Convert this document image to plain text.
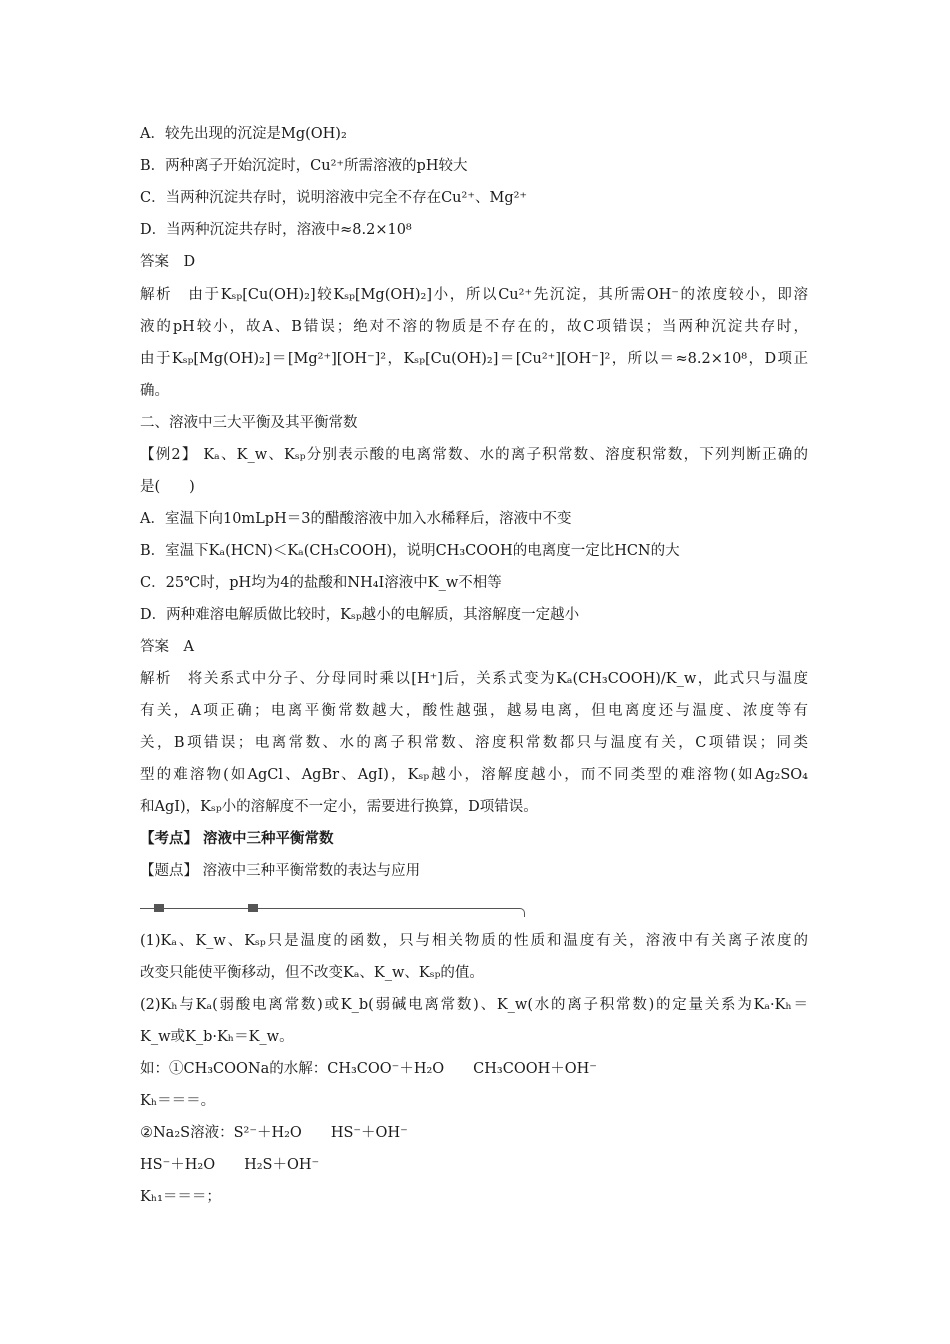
A．较先出现的沉淀是Mg(OH)₂
B．两种离子开始沉淀时，Cu²⁺所需溶液的pH较大
C．当两种沉淀共存时，说明溶液中完全不存在Cu²⁺、Mg²⁺
D．当两种沉淀共存时，溶液中≈8.2×10⁸
答案　D
解析　由于Kₛₚ[Cu(OH)₂]较Kₛₚ[Mg(OH)₂]小，所以Cu²⁺先沉淀，其所需OH⁻的浓度较小，即溶
液的pH较小，故A、B错误；绝对不溶的物质是不存在的，故C项错误；当两种沉淀共存时，
由于Kₛₚ[Mg(OH)₂]＝[Mg²⁺][OH⁻]²，Kₛₚ[Cu(OH)₂]＝[Cu²⁺][OH⁻]²，所以＝≈8.2×10⁸，D项正
确。
二、溶液中三大平衡及其平衡常数
【例2】 Kₐ、K_w、Kₛₚ分别表示酸的电离常数、水的离子积常数、溶度积常数，下列判断正确的
是(　　)
A．室温下向10mLpH＝3的醋酸溶液中加入水稀释后，溶液中不变
B．室温下Kₐ(HCN)＜Kₐ(CH₃COOH)，说明CH₃COOH的电离度一定比HCN的大
C．25℃时，pH均为4的盐酸和NH₄I溶液中K_w不相等
D．两种难溶电解质做比较时，Kₛₚ越小的电解质，其溶解度一定越小
答案　A
解析　将关系式中分子、分母同时乘以[H⁺]后，关系式变为Kₐ(CH₃COOH)/K_w，此式只与温度
有关，A项正确；电离平衡常数越大，酸性越强，越易电离，但电离度还与温度、浓度等有
关，B项错误；电离常数、水的离子积常数、溶度积常数都只与温度有关，C项错误；同类
型的难溶物(如AgCl、AgBr、AgI)，Kₛₚ越小，溶解度越小，而不同类型的难溶物(如Ag₂SO₄
和AgI)，Kₛₚ小的溶解度不一定小，需要进行换算，D项错误。
【考点】 溶液中三种平衡常数
【题点】 溶液中三种平衡常数的表达与应用
(1)Kₐ、K_w、Kₛₚ只是温度的函数，只与相关物质的性质和温度有关，溶液中有关离子浓度的
改变只能使平衡移动，但不改变Kₐ、K_w、Kₛₚ的值。
(2)Kₕ与Kₐ(弱酸电离常数)或K_b(弱碱电离常数)、K_w(水的离子积常数)的定量关系为Kₐ·Kₕ＝
K_w或K_b·Kₕ＝K_w。
如：①CH₃COONa的水解：CH₃COO⁻＋H₂O　　CH₃COOH＋OH⁻
Kₕ＝＝＝。
②Na₂S溶液：S²⁻＋H₂O　　HS⁻＋OH⁻
HS⁻＋H₂O　　H₂S＋OH⁻
Kₕ₁＝＝＝；
